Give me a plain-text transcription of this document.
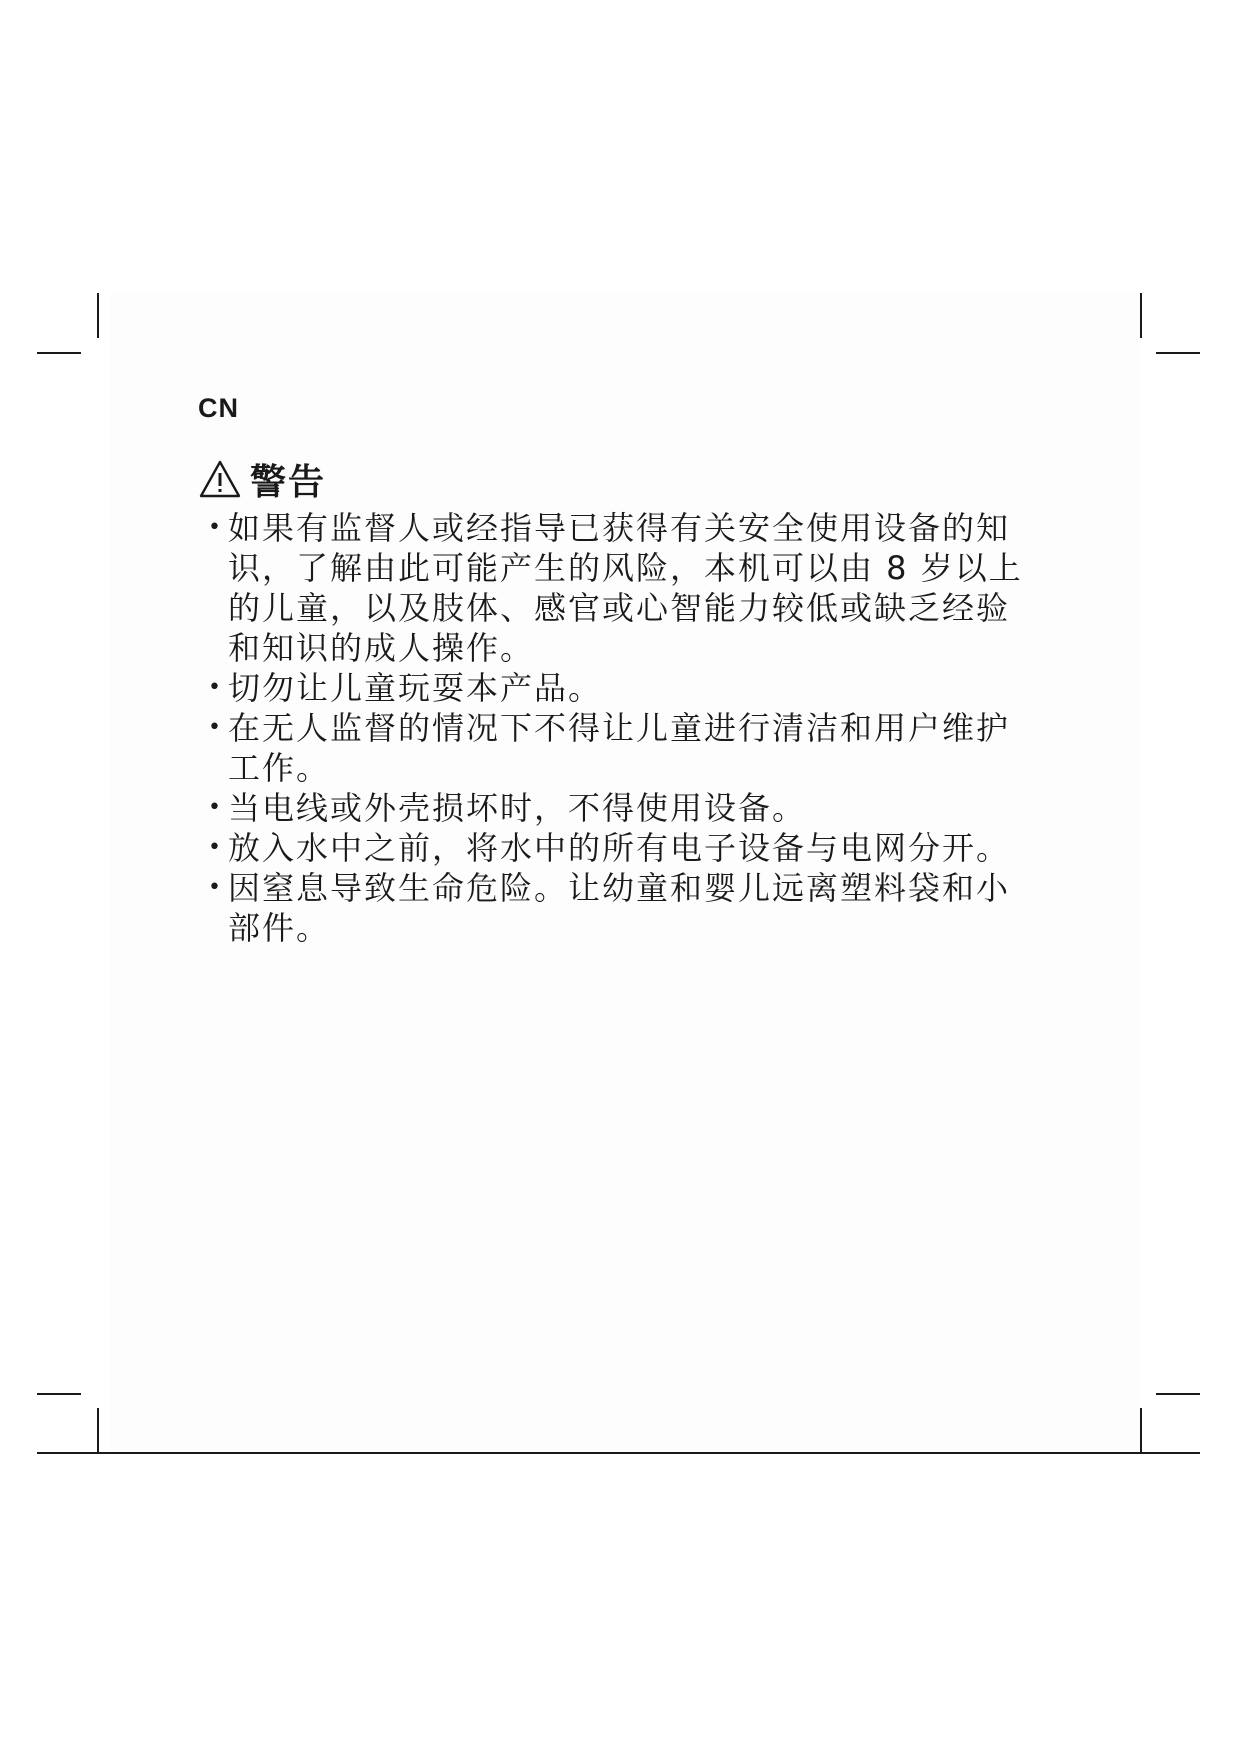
CN
警告
• 如果有监督人或经指导已获得有关安全使用设备的知识，了解由此可能产生的风险，本机可以由 8 岁以上的儿童，以及肢体、感官或心智能力较低或缺乏经验和知识的成人操作。
• 切勿让儿童玩耍本产品。
• 在无人监督的情况下不得让儿童进行清洁和用户维护工作。
• 当电线或外壳损坏时，不得使用设备。
• 放入水中之前，将水中的所有电子设备与电网分开。
• 因窒息导致生命危险。让幼童和婴儿远离塑料袋和小部件。
